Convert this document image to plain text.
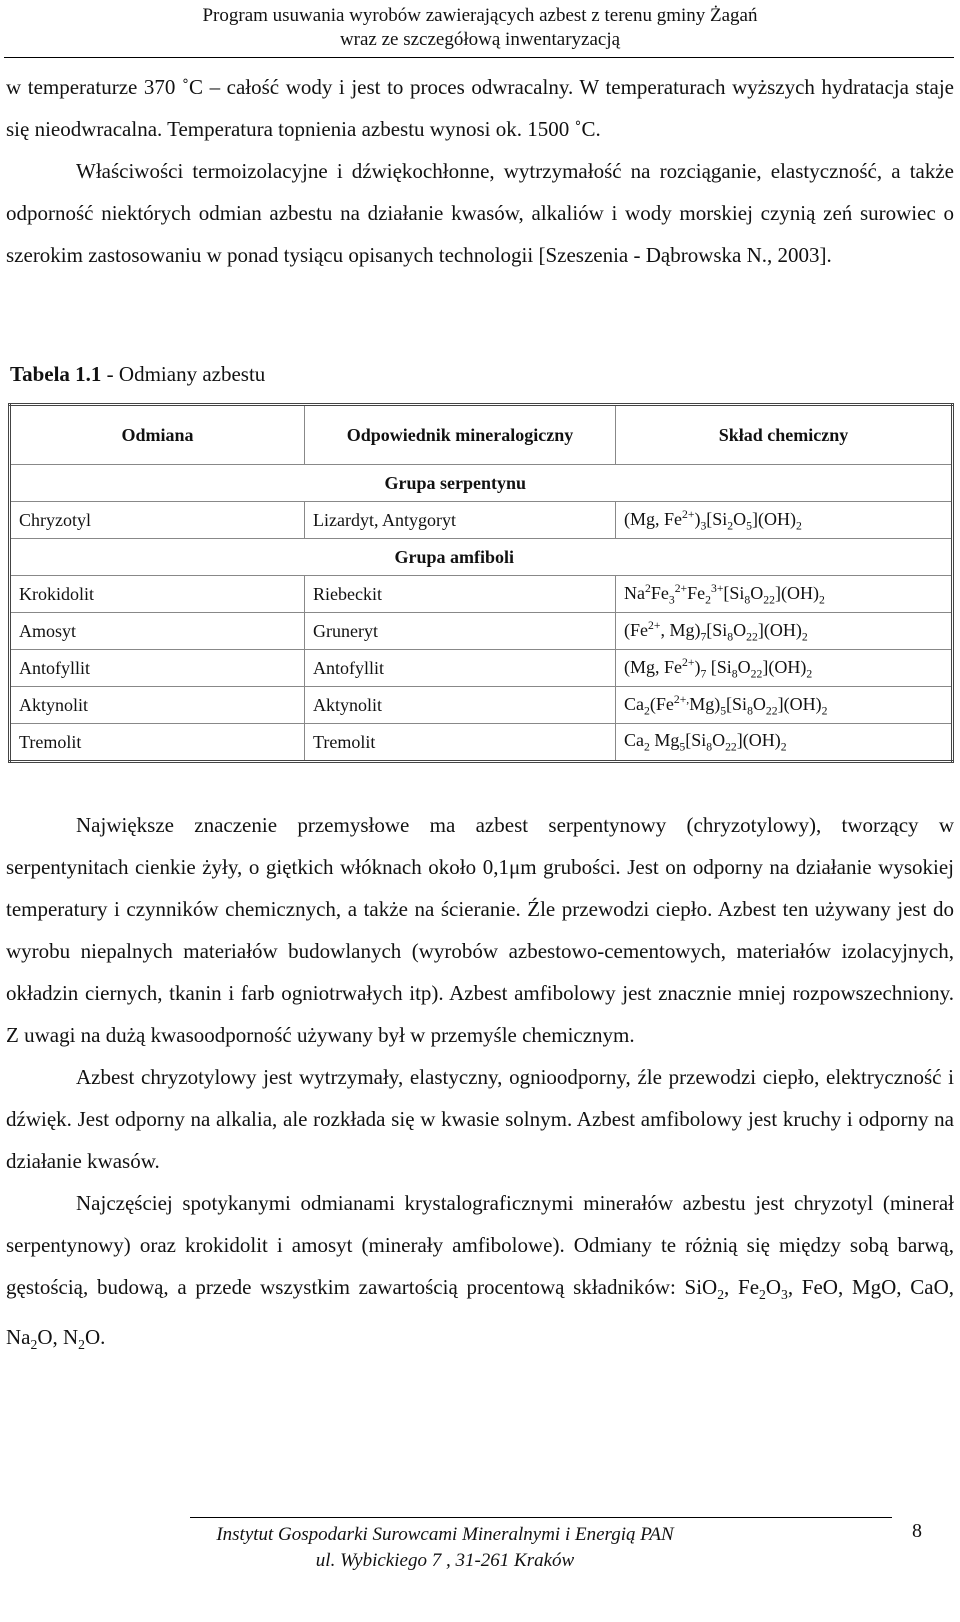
Program usuwania wyrobów zawierających azbest z terenu gminy Żagań
wraz ze szczegółową inwentaryzacją

w temperaturze 370 ˚C – całość wody i jest to proces odwracalny. W temperaturach wyższych hydratacja staje się nieodwracalna. Temperatura topnienia azbestu wynosi ok. 1500 ˚C.

Właściwości termoizolacyjne i dźwiękochłonne, wytrzymałość na rozciąganie, elastyczność, a także odporność niektórych odmian azbestu na działanie kwasów, alkaliów i wody morskiej czynią zeń surowiec o szerokim zastosowaniu w ponad tysiącu opisanych technologii [Szeszenia - Dąbrowska N., 2003].

Tabela 1.1 - Odmiany azbestu
Odmiana	Odpowiednik mineralogiczny	Skład chemiczny
	Grupa serpentynu	
Chryzotyl	Lizardyt, Antygoryt	(Mg, $Fe^{2+})_3[Si_2O_5](OH)_2$
	Grupa amfiboli	
Krokidolit	Riebeckit	$Na^2Fe_3^{2+}Fe_2^{3+}[Si_8O_{22}](OH)_2$
Amosyt	Gruneryt	($Fe^{2+}$, $Mg)_7[Si_8O_{22}](OH)_2$
Antofyllit	Antofyllit	(Mg, $Fe^{2+})_7$ $[Si_8O_{22}](OH)_2$
Aktynolit	Aktynolit	$Ca_2(Fe^{2+,}Mg)_5[Si_8O_{22}](OH)_2$
Tremolit	Tremolit	$Ca_2$ $Mg_5[Si_8O_{22}](OH)_2$

Największe znaczenie przemysłowe ma azbest serpentynowy (chryzotylowy), tworzący w serpentynitach cienkie żyły, o giętkich włóknach około 0,1μm grubości. Jest on odporny na działanie wysokiej temperatury i czynników chemicznych, a także na ścieranie. Źle przewodzi ciepło. Azbest ten używany jest do wyrobu niepalnych materiałów budowlanych (wyrobów azbestowo-cementowych, materiałów izolacyjnych, okładzin ciernych, tkanin i farb ogniotrwałych itp). Azbest amfibolowy jest znacznie mniej rozpowszechniony. Z uwagi na dużą kwasoodporność używany był w przemyśle chemicznym.

Azbest chryzotylowy jest wytrzymały, elastyczny, ognioodporny, źle przewodzi ciepło, elektryczność i dźwięk. Jest odporny na alkalia, ale rozkłada się w kwasie solnym. Azbest amfibolowy jest kruchy i odporny na działanie kwasów.

Najczęściej spotykanymi odmianami krystalograficznymi minerałów azbestu jest chryzotyl (minerał serpentynowy) oraz krokidolit i amosyt (minerały amfibolowe). Odmiany te różnią się między sobą barwą, gęstością, budową, a przede wszystkim zawartością procentową składników: SiO$_2$, $Fe_2O_3$, FeO, MgO, CaO, $Na_2O$, $N_2O$.

Instytut Gospodarki Surowcami Mineralnymi i Energią PAN
ul. Wybickiego 7 , 31-261 Kraków
8
